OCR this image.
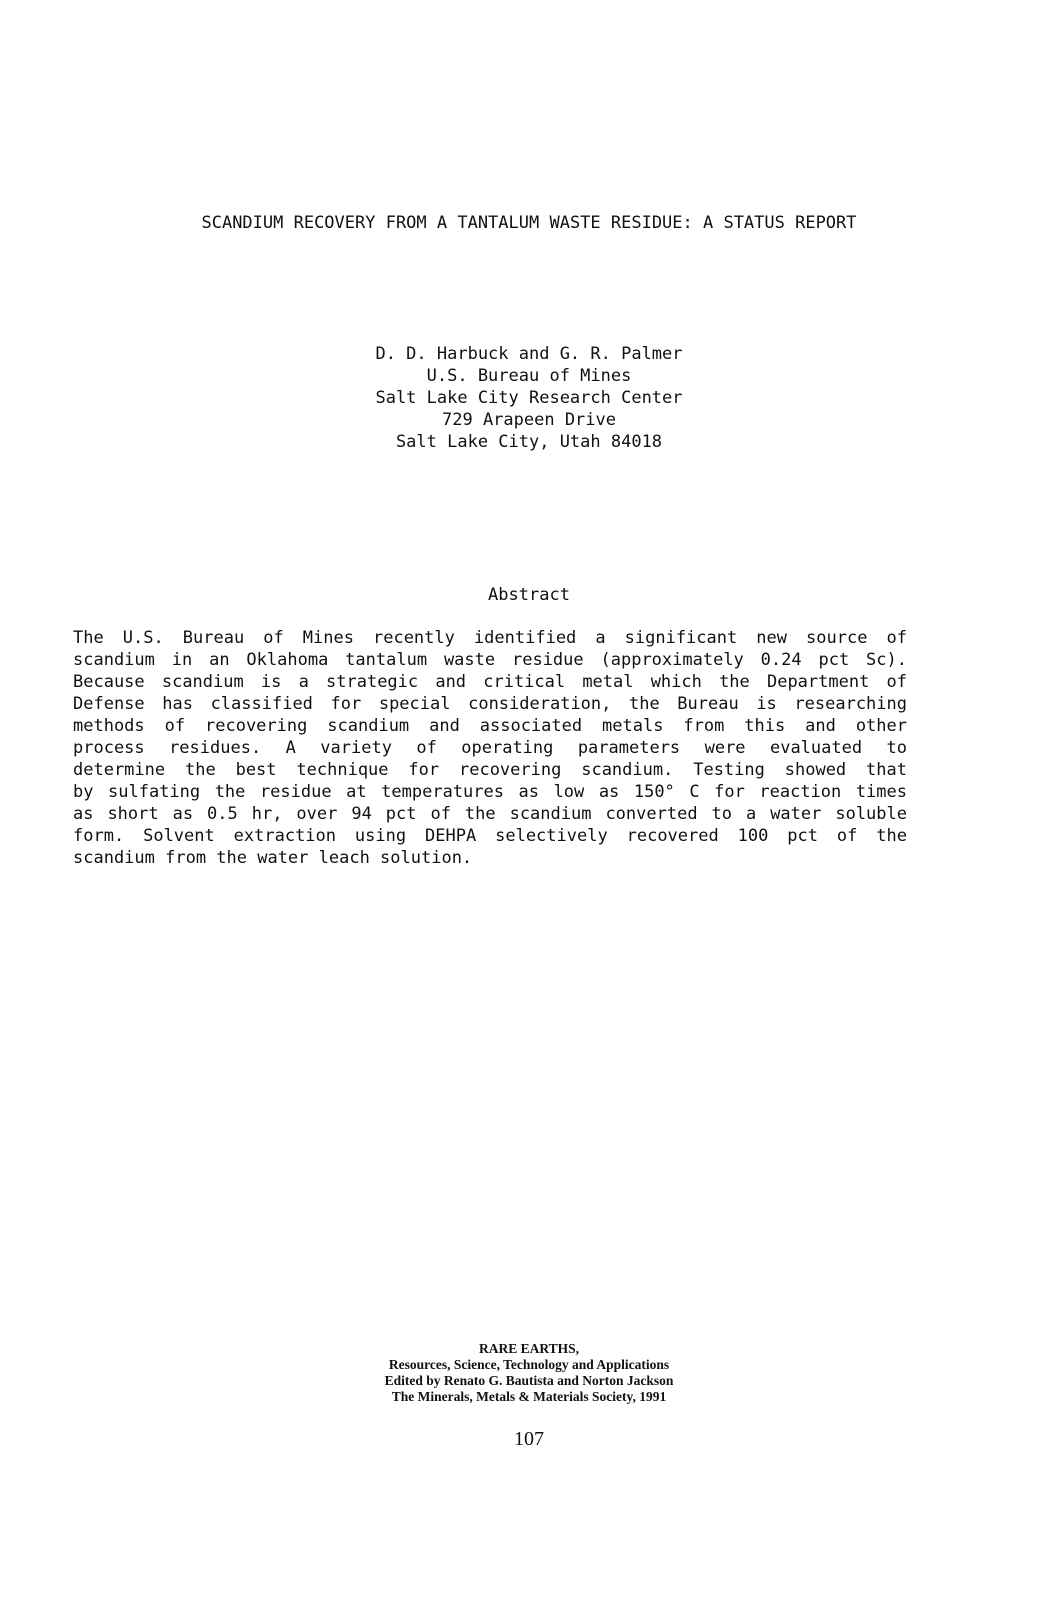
SCANDIUM RECOVERY FROM A TANTALUM WASTE RESIDUE: A STATUS REPORT
D. D. Harbuck and G. R. Palmer
U.S. Bureau of Mines
Salt Lake City Research Center
729 Arapeen Drive
Salt Lake City, Utah 84018
Abstract
The U.S. Bureau of Mines recently identified a significant new source of
scandium in an Oklahoma tantalum waste residue (approximately 0.24 pct Sc).
Because scandium is a strategic and critical metal which the Department of
Defense has classified for special consideration, the Bureau is researching
methods of recovering scandium and associated metals from this and other
process residues. A variety of operating parameters were evaluated to
determine the best technique for recovering scandium. Testing showed that
by sulfating the residue at temperatures as low as 150° C for reaction times
as short as 0.5 hr, over 94 pct of the scandium converted to a water soluble
form. Solvent extraction using DEHPA selectively recovered 100 pct of the
scandium from the water leach solution.
RARE EARTHS,
Resources, Science, Technology and Applications
Edited by Renato G. Bautista and Norton Jackson
The Minerals, Metals & Materials Society, 1991
107
